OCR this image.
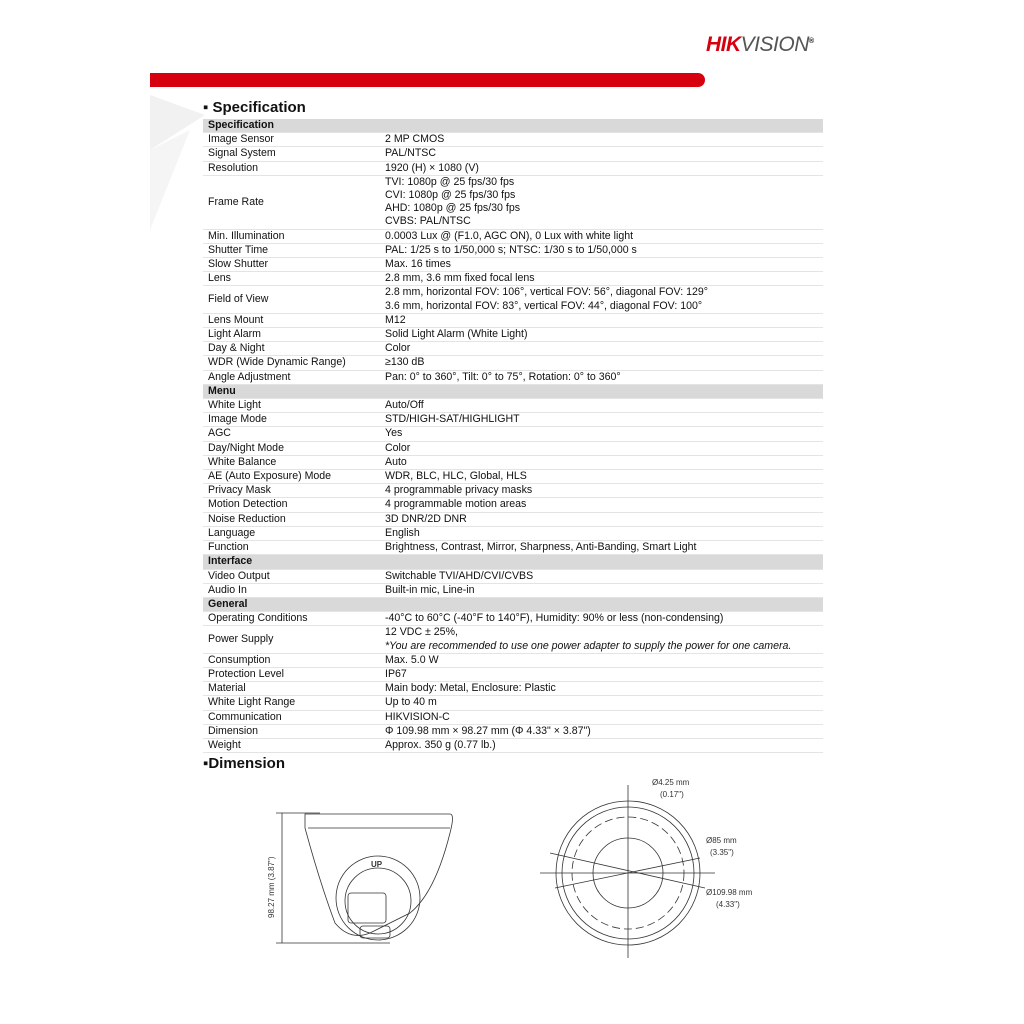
HIKVISION®
▪ Specification
Specification	
Image Sensor	2 MP CMOS

Signal System	PAL/NTSC

Resolution	1920 (H) × 1080 (V)

Frame Rate	TVI: 1080p @ 25 fps/30 fps
CVI: 1080p @ 25 fps/30 fps
AHD: 1080p @ 25 fps/30 fps
CVBS: PAL/NTSC

Min. Illumination	0.0003 Lux @ (F1.0, AGC ON), 0 Lux with white light

Shutter Time	PAL: 1/25 s to 1/50,000 s; NTSC: 1/30 s to 1/50,000 s

Slow Shutter	Max. 16 times

Lens	2.8 mm, 3.6 mm fixed focal lens

Field of View	2.8 mm, horizontal FOV: 106°, vertical FOV: 56°, diagonal FOV: 129°
3.6 mm, horizontal FOV: 83°, vertical FOV: 44°, diagonal FOV: 100°

Lens Mount	M12

Light Alarm	Solid Light Alarm (White Light)

Day & Night	Color

WDR (Wide Dynamic Range)	≥130 dB

Angle Adjustment	Pan: 0° to 360°, Tilt: 0° to 75°, Rotation: 0° to 360°

Menu	
White Light	Auto/Off

Image Mode	STD/HIGH-SAT/HIGHLIGHT

AGC	Yes

Day/Night Mode	Color

White Balance	Auto

AE (Auto Exposure) Mode	WDR, BLC, HLC, Global, HLS

Privacy Mask	4 programmable privacy masks

Motion Detection	4 programmable motion areas

Noise Reduction	3D DNR/2D DNR

Language	English

Function	Brightness, Contrast, Mirror, Sharpness, Anti-Banding, Smart Light

Interface	
Video Output	Switchable TVI/AHD/CVI/CVBS

Audio In	Built-in mic, Line-in

General	
Operating Conditions	-40°C to 60°C (-40°F to 140°F), Humidity: 90% or less (non-condensing)

Power Supply	12 VDC ± 25%,
*You are recommended to use one power adapter to supply the power for one camera.

Consumption	Max. 5.0 W

Protection Level	IP67

Material	Main body: Metal, Enclosure: Plastic

White Light Range	Up to 40 m

Communication	HIKVISION-C

Dimension	Φ 109.98 mm × 98.27 mm (Φ 4.33" × 3.87")

Weight	Approx. 350 g (0.77 lb.)
▪Dimension
98.27 mm (3.87")	UP
Ø4.25 mm
(0.17")
Ø85 mm
(3.35")
Ø109.98 mm
(4.33")
